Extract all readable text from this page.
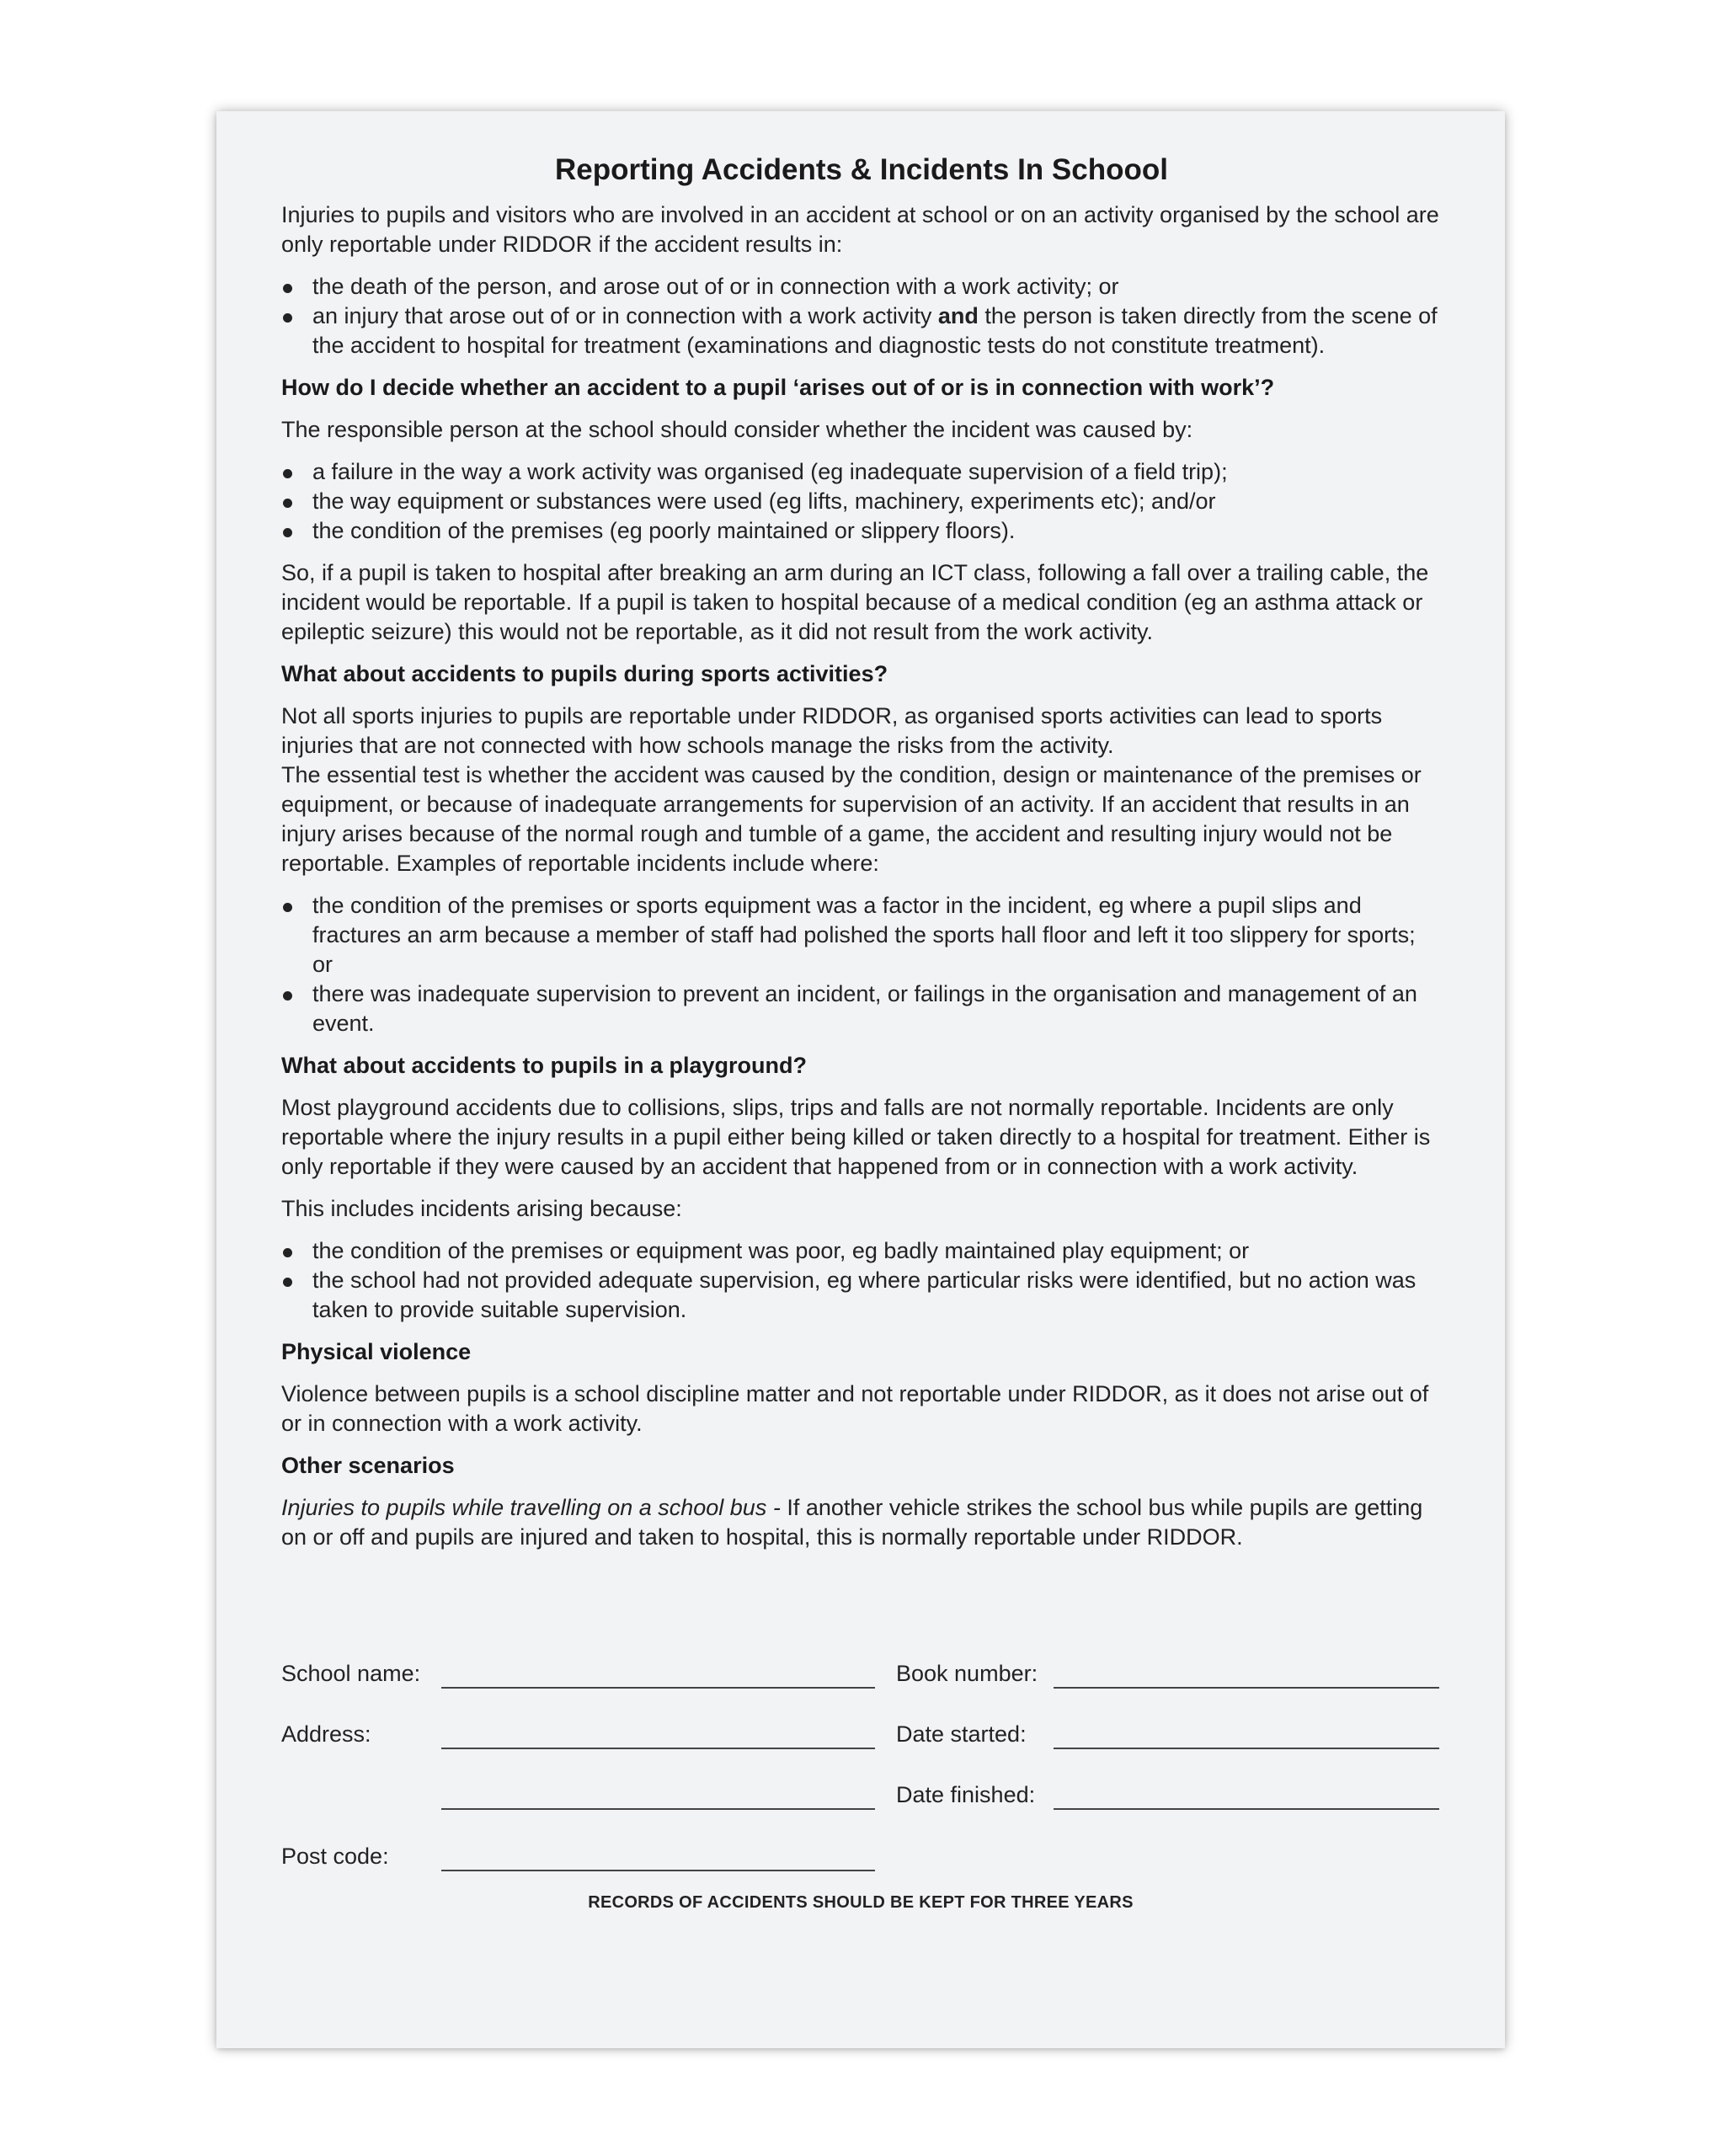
Reporting Accidents & Incidents In Schoool

Injuries to pupils and visitors who are involved in an accident at school or on an activity organised by the school are only reportable under RIDDOR if the accident results in:

the death of the person, and arose out of or in connection with a work activity; or
an injury that arose out of or in connection with a work activity and the person is taken directly from the scene of the accident to hospital for treatment (examinations and diagnostic tests do not constitute treatment).
How do I decide whether an accident to a pupil ‘arises out of or is in connection with work’?

The responsible person at the school should consider whether the incident was caused by:

a failure in the way a work activity was organised (eg inadequate supervision of a field trip);
the way equipment or substances were used (eg lifts, machinery, experiments etc); and/or
the condition of the premises (eg poorly maintained or slippery floors).

So, if a pupil is taken to hospital after breaking an arm during an ICT class, following a fall over a trailing cable, the incident would be reportable. If a pupil is taken to hospital because of a medical condition (eg an asthma attack or epileptic seizure) this would not be reportable, as it did not result from the work activity.

What about accidents to pupils during sports activities?

Not all sports injuries to pupils are reportable under RIDDOR, as organised sports activities can lead to sports injuries that are not connected with how schools manage the risks from the activity.

The essential test is whether the accident was caused by the condition, design or maintenance of the premises or equipment, or because of inadequate arrangements for supervision of an activity. If an accident that results in an injury arises because of the normal rough and tumble of a game, the accident and resulting injury would not be reportable. Examples of reportable incidents include where:

the condition of the premises or sports equipment was a factor in the incident, eg where a pupil slips and fractures an arm because a member of staff had polished the sports hall floor and left it too slippery for sports; or
there was inadequate supervision to prevent an incident, or failings in the organisation and management of an event.
What about accidents to pupils in a playground?

Most playground accidents due to collisions, slips, trips and falls are not normally reportable. Incidents are only reportable where the injury results in a pupil either being killed or taken directly to a hospital for treatment. Either is only reportable if they were caused by an accident that happened from or in connection with a work activity.

This includes incidents arising because:

the condition of the premises or equipment was poor, eg badly maintained play equipment; or
the school had not provided adequate supervision, eg where particular risks were identified, but no action was taken to provide suitable supervision.
Physical violence

Violence between pupils is a school discipline matter and not reportable under RIDDOR, as it does not arise out of or in connection with a work activity.

Other scenarios

Injuries to pupils while travelling on a school bus - If another vehicle strikes the school bus while pupils are getting on or off and pupils are injured and taken to hospital, this is normally reportable under RIDDOR.

School name:
Address:
Post code:
Book number:
Date started:
Date finished:
RECORDS OF ACCIDENTS SHOULD BE KEPT FOR THREE YEARS
